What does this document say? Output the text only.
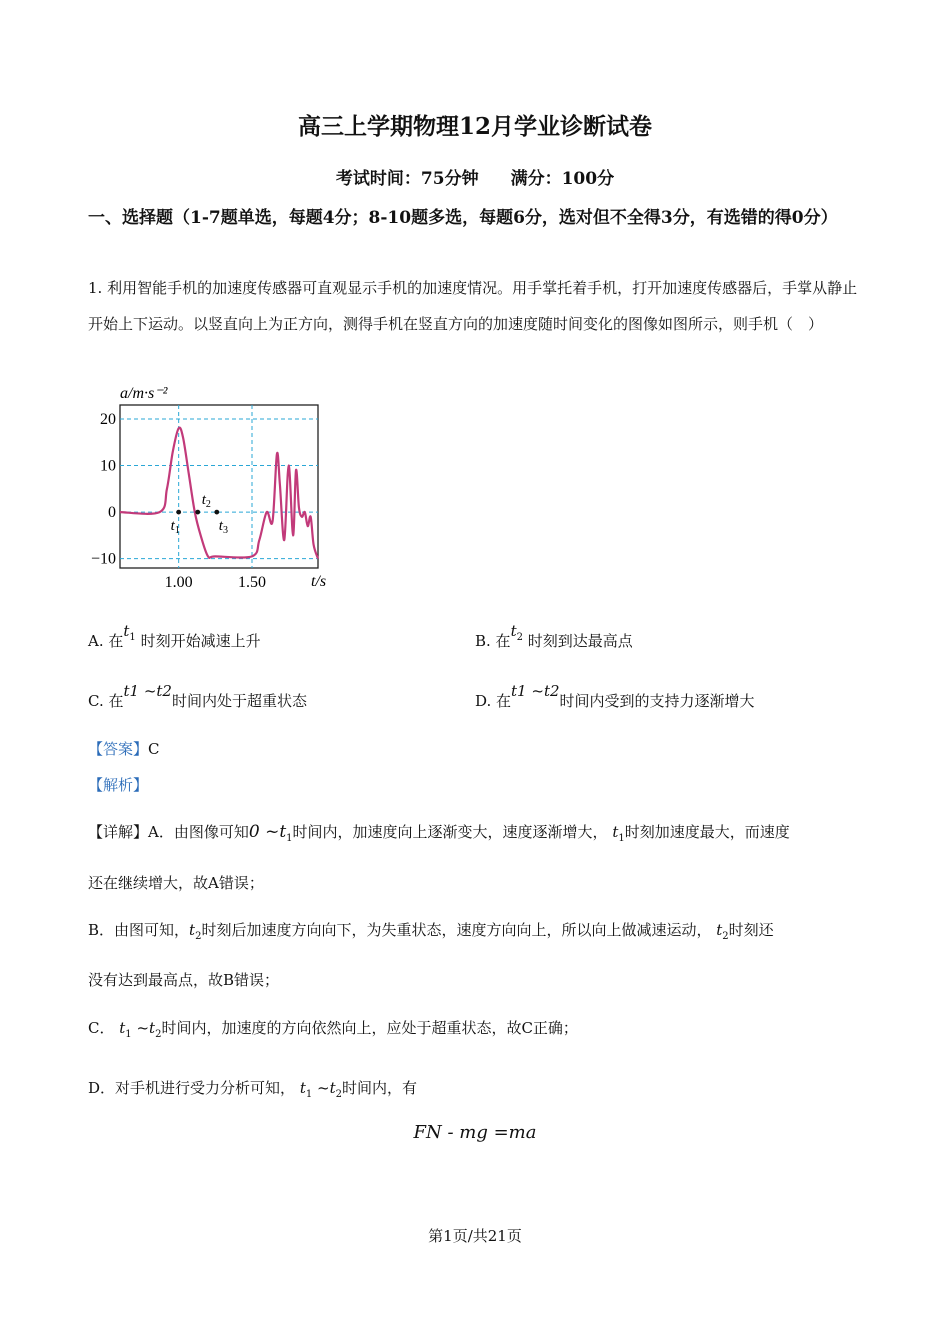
高三上学期物理12月学业诊断试卷
考试时间：75分钟 满分：100分
一、选择题（1-7题单选，每题4分；8-10题多选，每题6分，选对但不全得3分，有选错的得0分）
1. 利用智能手机的加速度传感器可直观显示手机的加速度情况。用手掌托着手机，打开加速度传感器后，手掌从静止开始上下运动。以竖直向上为正方向，测得手机在竖直方向的加速度随时间变化的图像如图所示，则手机（　）
a/m·s⁻²
20
10
0
−10
1.00	1.50
$t_1$
$t_2$
$t_3$
t/s
A. 在$t_1$ 时刻开始减速上升	B. 在$t_2$ 时刻到达最高点
C. 在t1 ~t2时间内处于超重状态	D. 在t1 ~t2时间内受到的支持力逐渐增大
【答案】C
【解析】
【详解】A．由图像可知0 $\sim t_1$时间内，加速度向上逐渐变大，速度逐渐增大， $t_1$时刻加速度最大，而速度
还在继续增大，故A错误；
B．由图可知，$t_2$时刻后加速度方向向下，为失重状态，速度方向向上，所以向上做减速运动， $t_2$时刻还
没有达到最高点，故B错误；
C． $t_1$ $\sim t_2$时间内，加速度的方向依然向上，应处于超重状态，故C正确；
D．对手机进行受力分析可知， $t_1$ $\sim t_2$时间内，有
FN - mg =ma
第1页/共21页
